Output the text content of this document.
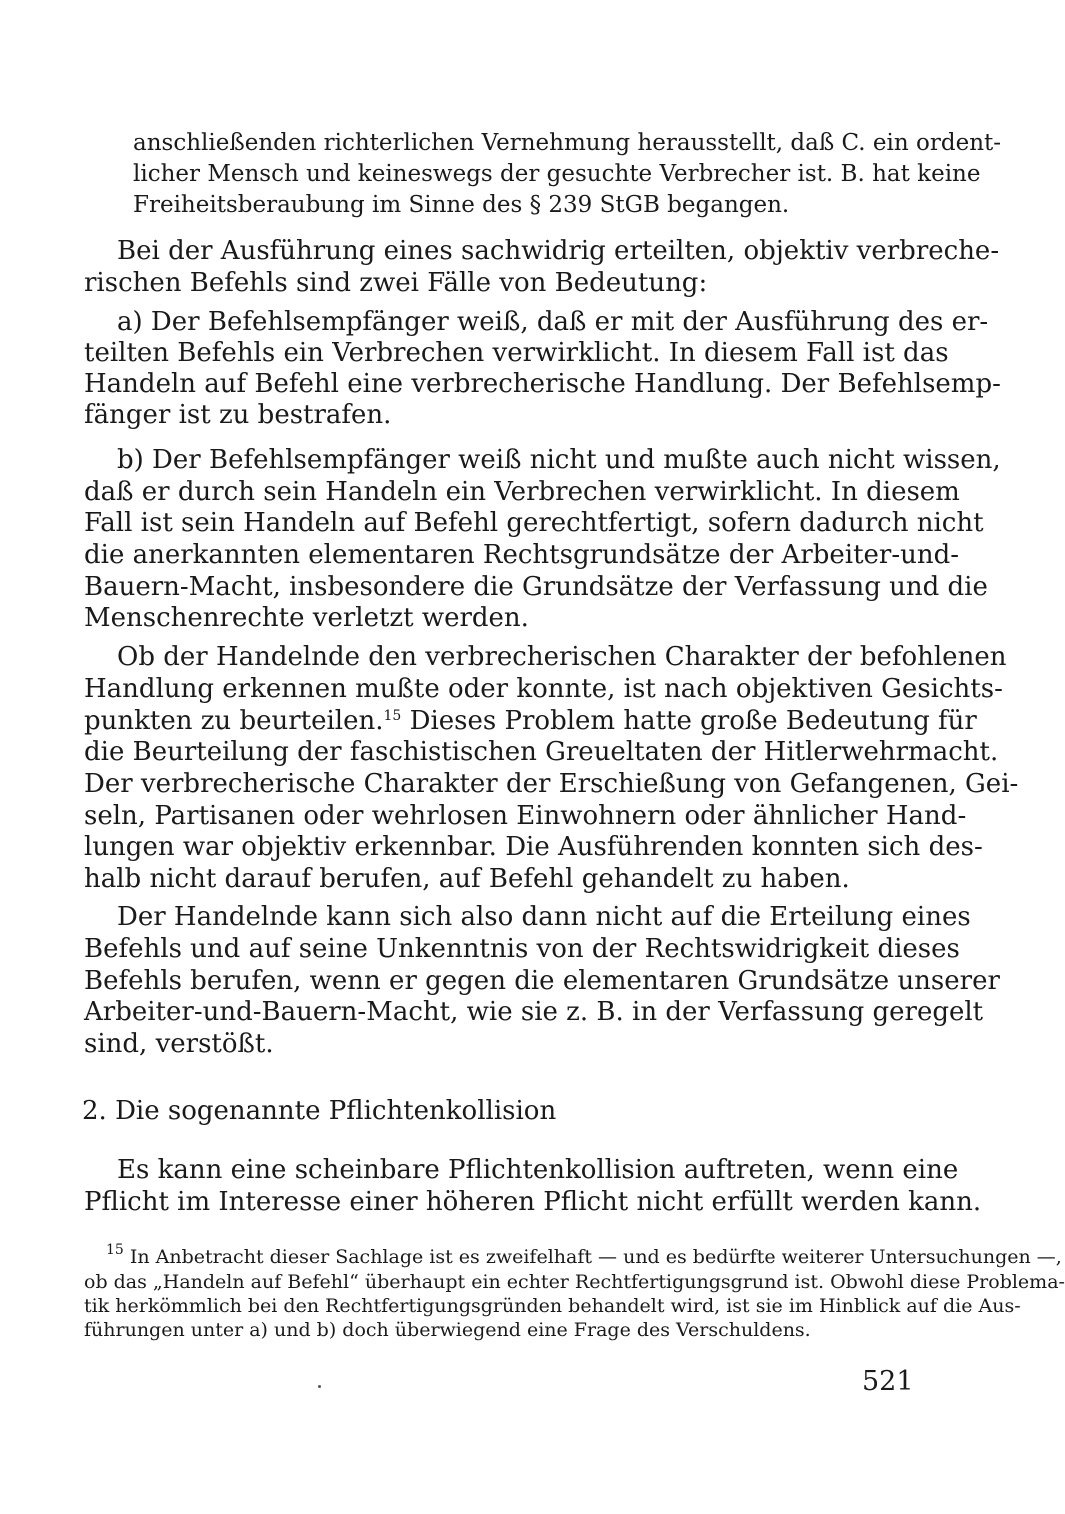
anschließenden richterlichen Vernehmung herausstellt, daß C. ein ordent-
licher Mensch und keineswegs der gesuchte Verbrecher ist. B. hat keine
Freiheitsberaubung im Sinne des § 239 StGB begangen.
Bei der Ausführung eines sachwidrig erteilten, objektiv verbreche-
rischen Befehls sind zwei Fälle von Bedeutung:
a) Der Befehlsempfänger weiß, daß er mit der Ausführung des er-
teilten Befehls ein Verbrechen verwirklicht. In diesem Fall ist das
Handeln auf Befehl eine verbrecherische Handlung. Der Befehlsemp-
fänger ist zu bestrafen.
b) Der Befehlsempfänger weiß nicht und mußte auch nicht wissen,
daß er durch sein Handeln ein Verbrechen verwirklicht. In diesem
Fall ist sein Handeln auf Befehl gerechtfertigt, sofern dadurch nicht
die anerkannten elementaren Rechtsgrundsätze der Arbeiter-und-
Bauern-Macht, insbesondere die Grundsätze der Verfassung und die
Menschenrechte verletzt werden.
Ob der Handelnde den verbrecherischen Charakter der befohlenen
Handlung erkennen mußte oder konnte, ist nach objektiven Gesichts-
punkten zu beurteilen.$^{15}$ Dieses Problem hatte große Bedeutung für
die Beurteilung der faschistischen Greueltaten der Hitlerwehrmacht.
Der verbrecherische Charakter der Erschießung von Gefangenen, Gei-
seln, Partisanen oder wehrlosen Einwohnern oder ähnlicher Hand-
lungen war objektiv erkennbar. Die Ausführenden konnten sich des-
halb nicht darauf berufen, auf Befehl gehandelt zu haben.
Der Handelnde kann sich also dann nicht auf die Erteilung eines
Befehls und auf seine Unkenntnis von der Rechtswidrigkeit dieses
Befehls berufen, wenn er gegen die elementaren Grundsätze unserer
Arbeiter-und-Bauern-Macht, wie sie z. B. in der Verfassung geregelt
sind, verstößt.
2. Die sogenannte Pflichtenkollision
Es kann eine scheinbare Pflichtenkollision auftreten, wenn eine
Pflicht im Interesse einer höheren Pflicht nicht erfüllt werden kann.
$^{15}$ In Anbetracht dieser Sachlage ist es zweifelhaft — und es bedürfte weiterer Untersuchungen —,
ob das „Handeln auf Befehl“ überhaupt ein echter Rechtfertigungsgrund ist. Obwohl diese Problema-
tik herkömmlich bei den Rechtfertigungsgründen behandelt wird, ist sie im Hinblick auf die Aus-
führungen unter a) und b) doch überwiegend eine Frage des Verschuldens.
521
